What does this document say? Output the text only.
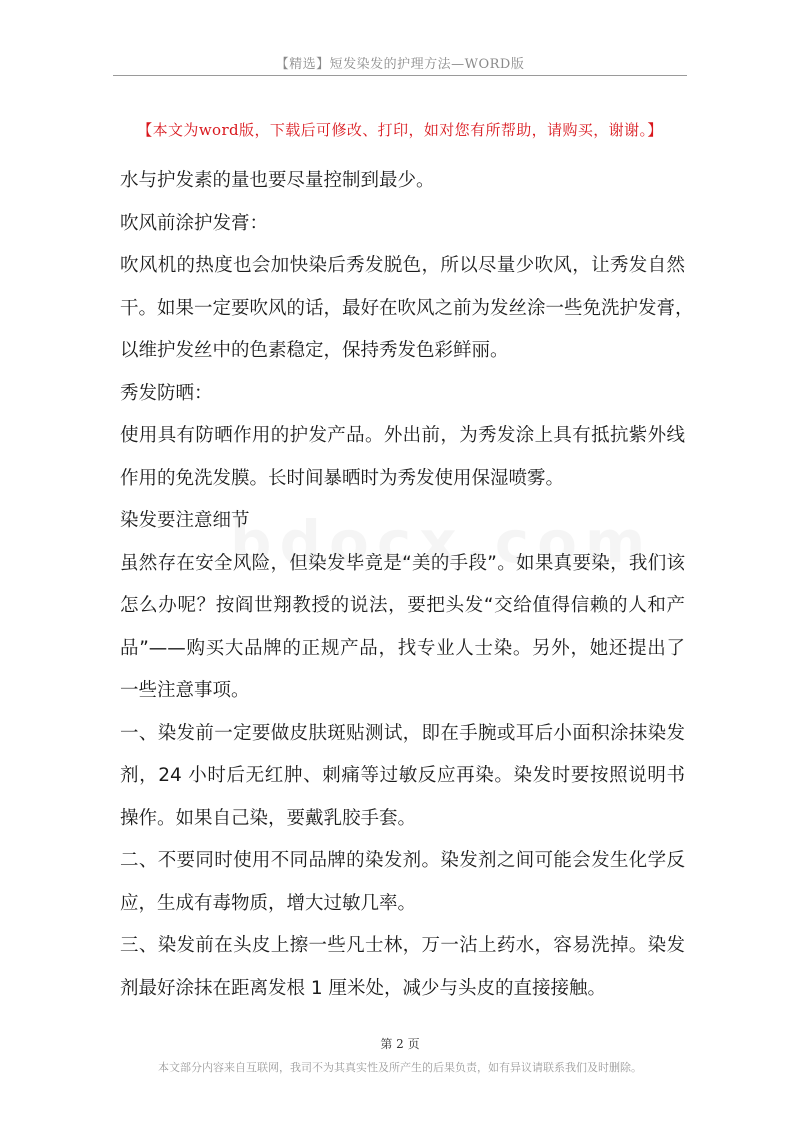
【精选】短发染发的护理方法—WORD版
【本文为word版，下载后可修改、打印，如对您有所帮助，请购买，谢谢。】
水与护发素的量也要尽量控制到最少。
吹风前涂护发膏：
吹风机的热度也会加快染后秀发脱色，所以尽量少吹风，让秀发自然
干。如果一定要吹风的话，最好在吹风之前为发丝涂一些免洗护发膏，
以维护发丝中的色素稳定，保持秀发色彩鲜丽。
秀发防晒：
使用具有防晒作用的护发产品。外出前，为秀发涂上具有抵抗紫外线
作用的免洗发膜。长时间暴晒时为秀发使用保湿喷雾。
染发要注意细节
虽然存在安全风险，但染发毕竟是“美的手段”。如果真要染，我们该
怎么办呢？按阎世翔教授的说法，要把头发“交给值得信赖的人和产
品”——购买大品牌的正规产品，找专业人士染。另外，她还提出了
一些注意事项。
一、染发前一定要做皮肤斑贴测试，即在手腕或耳后小面积涂抹染发
剂，24 小时后无红肿、刺痛等过敏反应再染。染发时要按照说明书
操作。如果自己染，要戴乳胶手套。
二、不要同时使用不同品牌的染发剂。染发剂之间可能会发生化学反
应，生成有毒物质，增大过敏几率。
三、染发前在头皮上擦一些凡士林，万一沾上药水，容易洗掉。染发
剂最好涂抹在距离发根 1 厘米处，减少与头皮的直接接触。
第 2 页
本文部分内容来自互联网，我司不为其真实性及所产生的后果负责，如有异议请联系我们及时删除。
